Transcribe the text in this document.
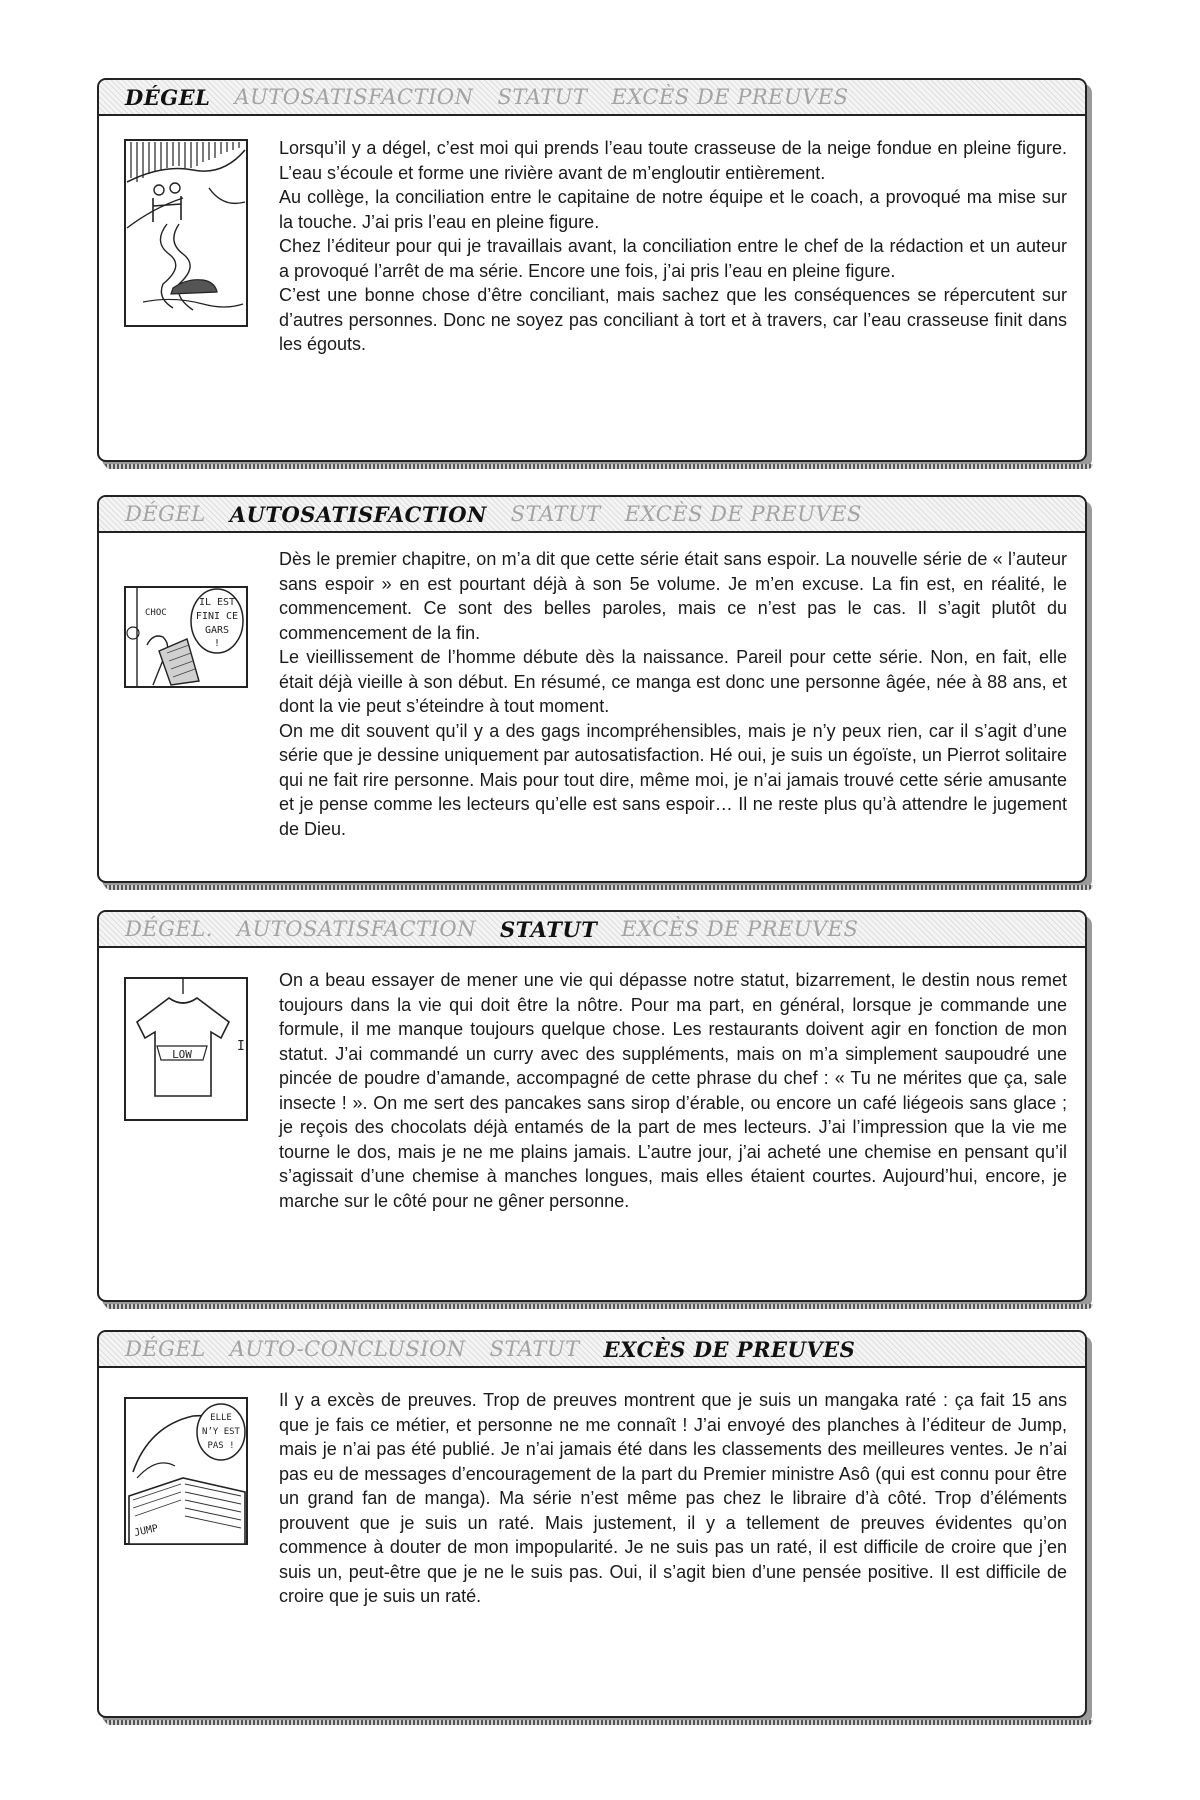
DÉGEL AUTOSATISFACTION STATUT EXCÈS DE PREUVES

Lorsqu’il y a dégel, c’est moi qui prends l’eau toute crasseuse de la neige fondue en pleine figure. L’eau s’écoule et forme une rivière avant de m’engloutir entièrement.

Au collège, la conciliation entre le capitaine de notre équipe et le coach, a provoqué ma mise sur la touche. J’ai pris l’eau en pleine figure.

Chez l’éditeur pour qui je travaillais avant, la conciliation entre le chef de la rédaction et un auteur a provoqué l’arrêt de ma série. Encore une fois, j’ai pris l’eau en pleine figure.

C’est une bonne chose d’être conciliant, mais sachez que les conséquences se répercutent sur d’autres personnes. Donc ne soyez pas conciliant à tort et à travers, car l’eau crasseuse finit dans les égouts.

DÉGEL AUTOSATISFACTION STATUT EXCÈS DE PREUVES
IL EST
FINI CE
GARS
!
CHOC

Dès le premier chapitre, on m’a dit que cette série était sans espoir. La nouvelle série de « l’auteur sans espoir » en est pourtant déjà à son 5e volume. Je m’en excuse. La fin est, en réalité, le commencement. Ce sont des belles paroles, mais ce n’est pas le cas. Il s’agit plutôt du commencement de la fin.

Le vieillissement de l’homme débute dès la naissance. Pareil pour cette série. Non, en fait, elle était déjà vieille à son début. En résumé, ce manga est donc une personne âgée, née à 88 ans, et dont la vie peut s’éteindre à tout moment.

On me dit souvent qu’il y a des gags incompréhensibles, mais je n’y peux rien, car il s’agit d’une série que je dessine uniquement par autosatisfaction. Hé oui, je suis un égoïste, un Pierrot solitaire qui ne fait rire personne. Mais pour tout dire, même moi, je n’ai jamais trouvé cette série amusante et je pense comme les lecteurs qu’elle est sans espoir… Il ne reste plus qu’à attendre le jugement de Dieu.

DÉGEL. AUTOSATISFACTION STATUT EXCÈS DE PREUVES
LOW
I

On a beau essayer de mener une vie qui dépasse notre statut, bizarrement, le destin nous remet toujours dans la vie qui doit être la nôtre. Pour ma part, en général, lorsque je commande une formule, il me manque toujours quelque chose. Les restaurants doivent agir en fonction de mon statut. J’ai commandé un curry avec des suppléments, mais on m’a simplement saupoudré une pincée de poudre d’amande, accompagné de cette phrase du chef : « Tu ne mérites que ça, sale insecte ! ». On me sert des pancakes sans sirop d’érable, ou encore un café liégeois sans glace ; je reçois des chocolats déjà entamés de la part de mes lecteurs. J’ai l’impression que la vie me tourne le dos, mais je ne me plains jamais. L’autre jour, j’ai acheté une chemise en pensant qu’il s’agissait d’une chemise à manches longues, mais elles étaient courtes. Aujourd’hui, encore, je marche sur le côté pour ne gêner personne.

DÉGEL AUTO-CONCLUSION STATUT EXCÈS DE PREUVES
ELLE
N’Y EST
PAS !
JUMP

Il y a excès de preuves. Trop de preuves montrent que je suis un mangaka raté : ça fait 15 ans que je fais ce métier, et personne ne me connaît ! J’ai envoyé des planches à l’éditeur de Jump, mais je n’ai pas été publié. Je n’ai jamais été dans les classements des meilleures ventes. Je n’ai pas eu de messages d’encouragement de la part du Premier ministre Asô (qui est connu pour être un grand fan de manga). Ma série n’est même pas chez le libraire d’à côté. Trop d’éléments prouvent que je suis un raté. Mais justement, il y a tellement de preuves évidentes qu’on commence à douter de mon impopularité. Je ne suis pas un raté, il est difficile de croire que j’en suis un, peut-être que je ne le suis pas. Oui, il s’agit bien d’une pensée positive. Il est difficile de croire que je suis un raté.
